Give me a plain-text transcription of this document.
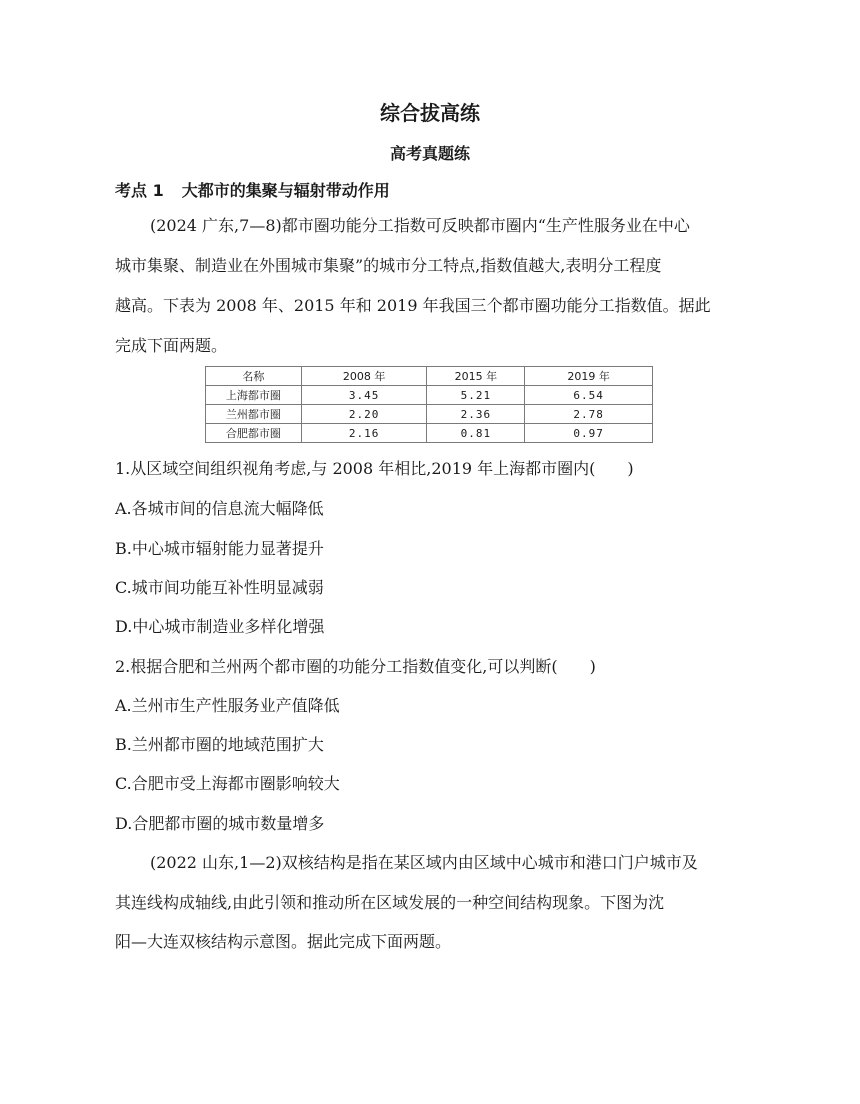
综合拔高练
高考真题练
考点 1 大都市的集聚与辐射带动作用
(2024 广东,7—8)都市圈功能分工指数可反映都市圈内“生产性服务业在中心
城市集聚、制造业在外围城市集聚”的城市分工特点,指数值越大,表明分工程度
越高。下表为 2008 年、2015 年和 2019 年我国三个都市圈功能分工指数值。据此
完成下面两题。
名称	2008 年	2015 年	2019 年
上海都市圈	3.45	5.21	6.54
兰州都市圈	2.20	2.36	2.78
合肥都市圈	2.16	0.81	0.97
1.从区域空间组织视角考虑,与 2008 年相比,2019 年上海都市圈内(　　)
A.各城市间的信息流大幅降低
B.中心城市辐射能力显著提升
C.城市间功能互补性明显减弱
D.中心城市制造业多样化增强
2.根据合肥和兰州两个都市圈的功能分工指数值变化,可以判断(　　)
A.兰州市生产性服务业产值降低
B.兰州都市圈的地域范围扩大
C.合肥市受上海都市圈影响较大
D.合肥都市圈的城市数量增多
(2022 山东,1—2)双核结构是指在某区域内由区域中心城市和港口门户城市及
其连线构成轴线,由此引领和推动所在区域发展的一种空间结构现象。下图为沈
阳—大连双核结构示意图。据此完成下面两题。
